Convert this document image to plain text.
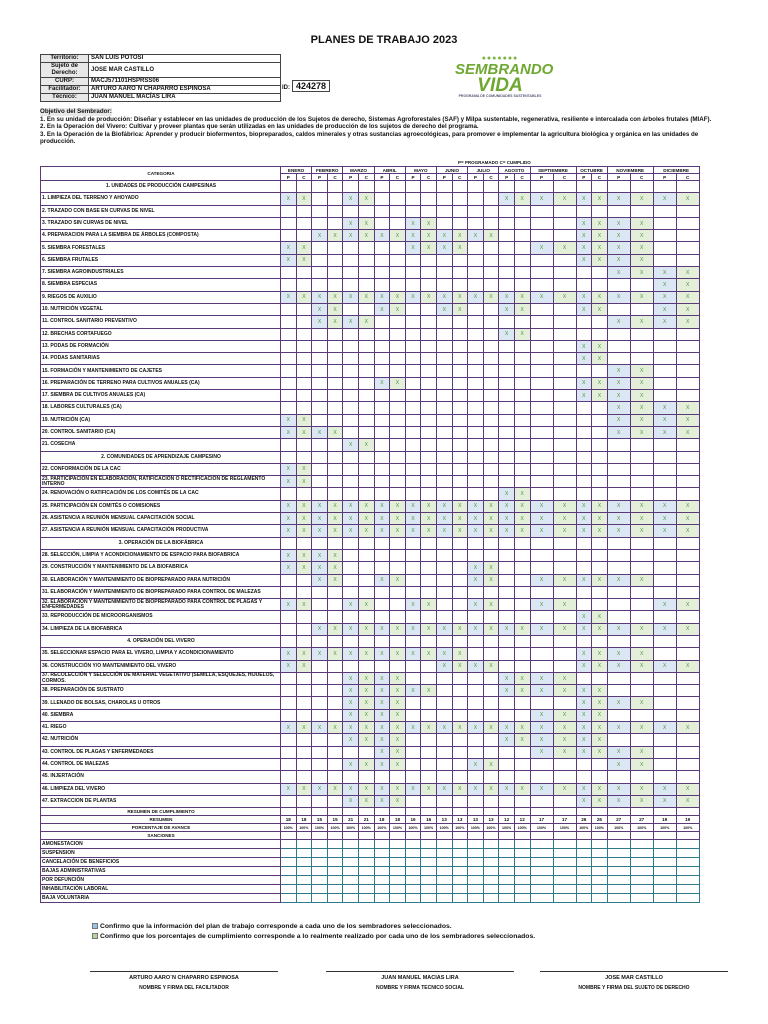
PLANES DE TRABAJO 2023
Territorio:	SAN LUIS POTOSI
Sujeto de Derecho:	JOSE MAR CASTILLO
CURP:	MACJ571101HSPRSS06
Facilitador:	ARTURO AARO´N CHAPARRO ESPINOSA
Técnico:	JUAN MANUEL MACÍAS LIRA
ID: 424278
●●●●●●●
SEMBRANDO
VIDA
PROGRAMA DE COMUNIDADES SUSTENTABLES
Objetivo del Sembrador:
1. En su unidad de producción: Diseñar y establecer en las unidades de producción de los Sujetos de derecho, Sistemas Agroforestales (SAF) y Milpa sustentable, regenerativa, resiliente e intercalada con árboles frutales (MIAF).
2. En la Operación del Vivero: Cultivar y proveer plantas que serán utilizadas en las unidades de producción de los sujetos de derecho del programa.
3. En la Operación de la Biofábrica: Aprender y producir biofermentos, biopreparados, caldos minerales y otras sustancias agroecológicas, para promover e implementar la agricultura biológica y orgánica en las unidades de producción.
P= PROGRAMADO C= CUMPLIDO
CATEGORIA	ENERO		FEBRERO		MARZO		ABRIL		MAYO		JUNIO		JULIO		AGOSTO		SEPTIEMBRE		OCTUBRE		NOVIEMBRE		DICIEMBRE	
	P	C	P	C	P	C	P	C	P	C	P	C	P	C	P	C	P	C	P	C	P	C	P	C
1. UNIDADES DE PRODUCCIÓN CAMPESINAS																								
1. LIMPIEZA DEL TERRENO Y AHOYADO	X	X			X	X									X	X	X	X	X	X	X	X	X	X
2. TRAZADO CON BASE EN CURVAS DE NIVEL																								
3. TRAZADO SIN CURVAS DE NIVEL					X	X			X	X									X	X	X	X		
4. PREPARACION PARA LA SIEMBRA DE ÁRBOLES (COMPOSTA)			X	X	X	X	X	X	X	X	X	X	X	X					X	X	X	X		
5. SIEMBRA FORESTALES	X	X							X	X	X	X					X	X	X	X	X	X		
6. SIEMBRA FRUTALES	X	X																	X	X	X	X		
7. SIEMBRA AGROINDUSTRIALES																					X	X	X	X
8. SIEMBRA ESPECIAS																							X	X
9. RIEGOS DE AUXILIO	X	X	X	X	X	X	X	X	X	X	X	X	X	X	X	X	X	X	X	X	X	X	X	X
10. NUTRICIÓN VEGETAL			X	X			X	X			X	X			X	X			X	X			X	X
11. CONTROL SANITARIO PREVENTIVO			X	X	X	X															X	X	X	X
12. BRECHAS CORTAFUEGO															X	X								
13. PODAS DE FORMACIÓN																			X	X				
14. PODAS SANITARIAS																			X	X				
15. FORMACIÓN Y MANTENIMIENTO DE CAJETES																					X	X		
16. PREPARACIÓN DE TERRENO PARA CULTIVOS ANUALES (CA)							X	X											X	X	X	X		
17. SIEMBRA DE CULTIVOS ANUALES (CA)																			X	X	X	X		
18. LABORES CULTURALES (CA)																					X	X	X	X
19. NUTRICIÓN (CA)	X	X																			X	X	X	X
20. CONTROL SANITARIO (CA)	X	X	X	X																	X	X	X	X
21. COSECHA					X	X																		
2. COMUNIDADES DE APRENDIZAJE CAMPESINO																								
22. CONFORMACIÓN DE LA CAC	X	X																						
23. PARTICIPACIÓN EN ELABORACIÓN, RATIFICACIÓN O RECTIFICACIÓN DE REGLAMENTO INTERNO	X	X																						
24. RENOVACIÓN O RATIFICACIÓN DE LOS COMITÉS DE LA CAC															X	X								
25. PARTICIPACIÓN EN COMITÉS O COMISIONES	X	X	X	X	X	X	X	X	X	X	X	X	X	X	X	X	X	X	X	X	X	X	X	X
26. ASISTENCIA A REUNIÓN MENSUAL CAPACITACIÓN SOCIAL	X	X	X	X	X	X	X	X	X	X	X	X	X	X	X	X	X	X	X	X	X	X	X	X
27. ASISTENCIA A REUNIÓN MENSUAL CAPACITACIÓN PRODUCTIVA	X	X	X	X	X	X	X	X	X	X	X	X	X	X	X	X	X	X	X	X	X	X	X	X
3. OPERACIÓN DE LA BIOFÁBRICA																								
28. SELECCIÓN, LIMPIA Y ACONDICIONAMIENTO DE ESPACIO PARA BIOFABRICA	X	X	X	X																				
29. CONSTRUCCIÓN Y MANTENIMIENTO DE LA BIOFABRICA	X	X	X	X									X	X										
30. ELABORACIÓN Y MANTENIMIENTO DE BIOPREPARADO PARA NUTRICIÓN			X	X			X	X					X	X			X	X	X	X	X	X		
31. ELABORACIÓN Y MANTENIMIENTO DE BIOPREPARADO PARA CONTROL DE MALEZAS																								
32. ELABORACIÓN Y MANTENIMIENTO DE BIOPREPARADO PARA CONTROL DE PLAGAS Y ENFERMEDADES	X	X			X	X			X	X			X	X			X	X					X	X
33. REPRODUCCIÓN DE MICROORGANISMOS																			X	X				
34. LIMPIEZA DE LA BIOFABRICA			X	X	X	X	X	X	X	X	X	X	X	X	X	X	X	X	X	X	X	X	X	X
4. OPERACIÓN DEL VIVERO																								
35. SELECCIONAR ESPACIO PARA EL VIVERO, LIMPIA Y ACONDICIONAMIENTO	X	X	X	X	X	X	X	X	X	X	X	X							X	X	X	X		
36. CONSTRUCCIÓN Y/O MANTENIMIENTO DEL VIVERO	X	X									X	X	X	X					X	X	X	X	X	X
37. RECOLECCIÓN Y SELECCIÓN DE MATERIAL VEGETATIVO (SEMILLA, ESQUEJES, HIJUELOS, CORMOS.					X	X	X	X							X	X	X	X						
38. PREPARACIÓN DE SUSTRATO					X	X	X	X	X	X					X	X	X	X	X	X				
39. LLENADO DE BOLSAS, CHAROLAS U OTROS					X	X	X	X											X	X	X	X		
40. SIEMBRA					X	X	X	X									X	X	X	X				
41. RIEGO	X	X	X	X	X	X	X	X	X	X	X	X	X	X	X	X	X	X	X	X	X	X	X	X
42. NUTRICIÓN					X	X	X	X							X	X	X	X	X	X				
43. CONTROL DE PLAGAS Y ENFERMEDADES							X	X									X	X	X	X	X	X		
44. CONTROL DE MALEZAS					X	X	X	X					X	X							X	X		
45. INJERTACIÓN																								
46. LIMPIEZA DEL VIVERO	X	X	X	X	X	X	X	X	X	X	X	X	X	X	X	X	X	X	X	X	X	X	X	X
47. EXTRACCION DE PLANTAS					X	X	X	X											X	X	X	X	X	X
RESUMEN DE CUMPLIMIENTO																								
RESUMEN	18	18	15	15	21	21	18	18	16	16	13	13	13	13	12	12	17	17	26	26	27	27	19	19
PORCENTAJE DE AVANCE	100%	100%	100%	100%	100%	100%	100%	100%	100%	100%	100%	100%	100%	100%	100%	100%	100%	100%	100%	100%	100%	100%	100%	100%
SANCIONES																								
AMONESTACION																								
SUSPENSION																								
CANCELACIÓN DE BENEFICIOS																								
BAJAS ADMINISTRATIVAS																								
POR DEFUNCIÓN																								
INHABILITACIÓN LABORAL																								
BAJA VOLUNTARIA																								
Confirmo que la información del plan de trabajo corresponde a cada uno de los sembradores seleccionados.
Confirmo que los porcentajes de cumplimiento corresponde a lo realmente realizado por cada uno de los sembradores seleccionados.
ARTURO AARO´N CHAPARRO ESPINOSA
NOMBRE Y FIRMA DEL FACILITADOR
JUAN MANUEL MACIAS LIRA
NOMBRE Y FIRMA TECNICO SOCIAL
JOSE MAR CASTILLO
NOMBRE Y FIRMA DEL SUJETO DE DERECHO
